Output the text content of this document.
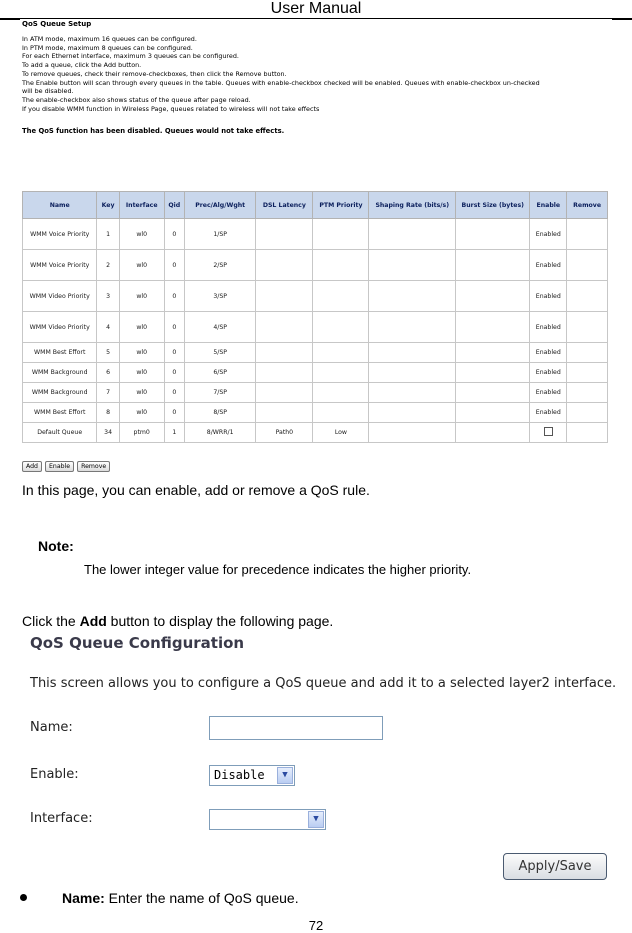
User Manual
QoS Queue Setup
In ATM mode, maximum 16 queues can be configured.
In PTM mode, maximum 8 queues can be configured.
For each Ethernet interface, maximum 3 queues can be configured.
To add a queue, click the Add button.
To remove queues, check their remove-checkboxes, then click the Remove button.
The Enable button will scan through every queues in the table. Queues with enable-checkbox checked will be enabled. Queues with enable-checkbox un-checked
will be disabled.
The enable-checkbox also shows status of the queue after page reload.
If you disable WMM function in Wireless Page, queues related to wireless will not take effects
The QoS function has been disabled. Queues would not take effects.
Name	Key	Interface	Qid	Prec/Alg/Wght	DSL Latency	PTM Priority	Shaping Rate (bits/s)	Burst Size (bytes)	Enable	Remove
WMM Voice Priority	1	wl0	0	1/SP					Enabled	
WMM Voice Priority	2	wl0	0	2/SP					Enabled	
WMM Video Priority	3	wl0	0	3/SP					Enabled	
WMM Video Priority	4	wl0	0	4/SP					Enabled	
WMM Best Effort	5	wl0	0	5/SP					Enabled	
WMM Background	6	wl0	0	6/SP					Enabled	
WMM Background	7	wl0	0	7/SP					Enabled	
WMM Best Effort	8	wl0	0	8/SP					Enabled	
Default Queue	34	ptm0	1	8/WRR/1	Path0	Low				
Add	Enable	Remove
In this page, you can enable, add or remove a QoS rule.
Note:
The lower integer value for precedence indicates the higher priority.
Click the Add button to display the following page.
QoS Queue Configuration
This screen allows you to configure a QoS queue and add it to a selected layer2 interface.
Name:
Enable:	Disable	▼
Interface:	▼
Apply/Save
Name: Enter the name of QoS queue.
72
